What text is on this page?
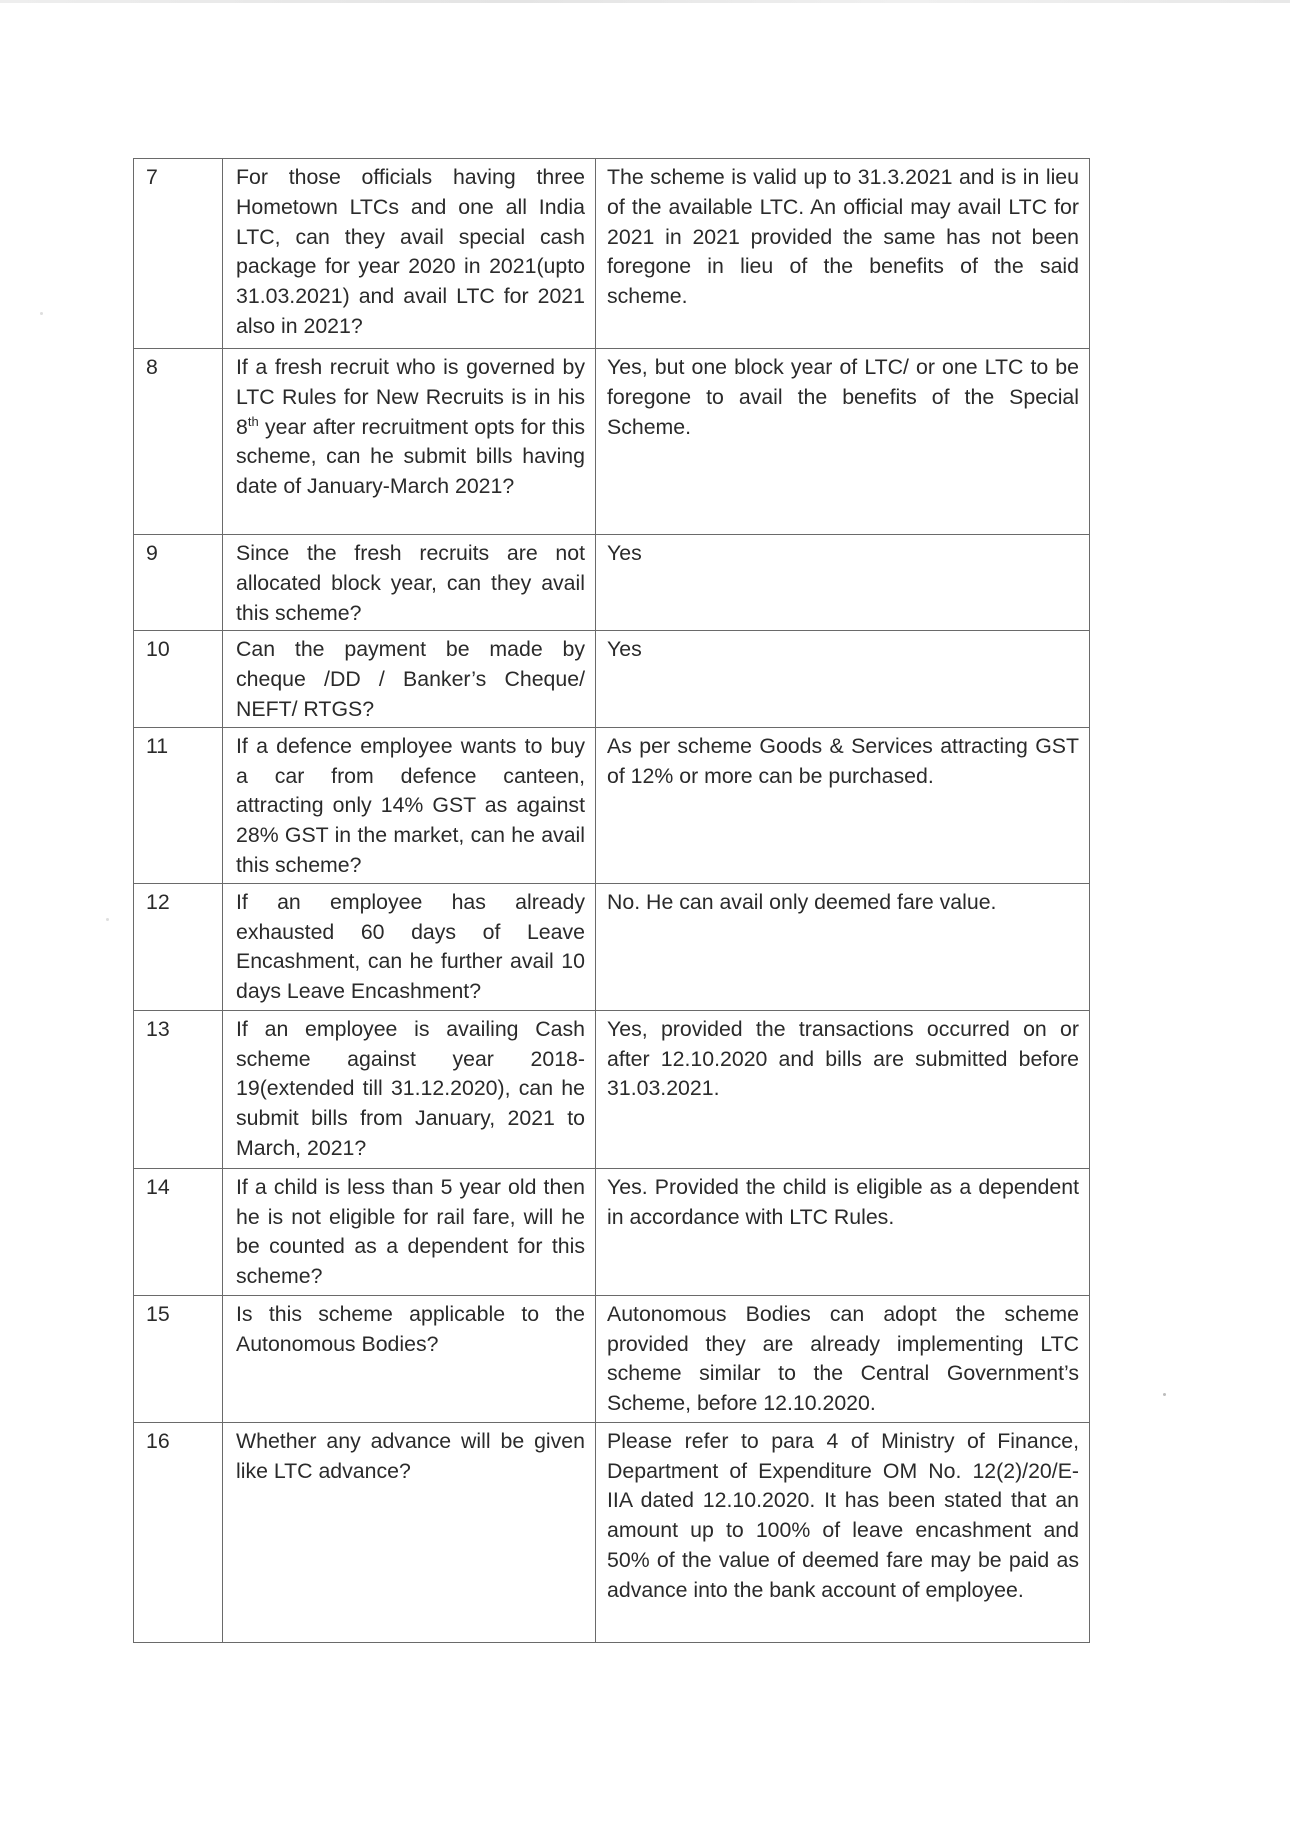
7	For those officials having three Hometown LTCs and one all India LTC, can they avail special cash package for year 2020 in 2021(upto 31.03.2021) and avail LTC for 2021 also in 2021?	The scheme is valid up to 31.3.2021 and is in lieu of the available LTC. An official may avail LTC for 2021 in 2021 provided the same has not been foregone in lieu of the benefits of the said scheme.
8	If a fresh recruit who is governed by LTC Rules for New Recruits is in his 8th year after recruitment opts for this scheme, can he submit bills having date of January-March 2021?	Yes, but one block year of LTC/ or one LTC to be foregone to avail the benefits of the Special Scheme.
9	Since the fresh recruits are not allocated block year, can they avail this scheme?	Yes
10	Can the payment be made by cheque /DD / Banker’s Cheque/ NEFT/ RTGS?	Yes
11	If a defence employee wants to buy a car from defence canteen, attracting only 14% GST as against 28% GST in the market, can he avail this scheme?	As per scheme Goods & Services attracting GST of 12% or more can be purchased.
12	If an employee has already exhausted 60 days of Leave Encashment, can he further avail 10 days Leave Encashment?	No. He can avail only deemed fare value.
13	If an employee is availing Cash scheme against year 2018-19(extended till 31.12.2020), can he submit bills from January, 2021 to March, 2021?	Yes, provided the transactions occurred on or after 12.10.2020 and bills are submitted before 31.03.2021.
14	If a child is less than 5 year old then he is not eligible for rail fare, will he be counted as a dependent for this scheme?	Yes. Provided the child is eligible as a dependent in accordance with LTC Rules.
15	Is this scheme applicable to the Autonomous Bodies?	Autonomous Bodies can adopt the scheme provided they are already implementing LTC scheme similar to the Central Government’s Scheme, before 12.10.2020.
16	Whether any advance will be given like LTC advance?	Please refer to para 4 of Ministry of Finance, Department of Expenditure OM No. 12(2)/20/E-IIA dated 12.10.2020. It has been stated that an amount up to 100% of leave encashment and 50% of the value of deemed fare may be paid as advance into the bank account of employee.
